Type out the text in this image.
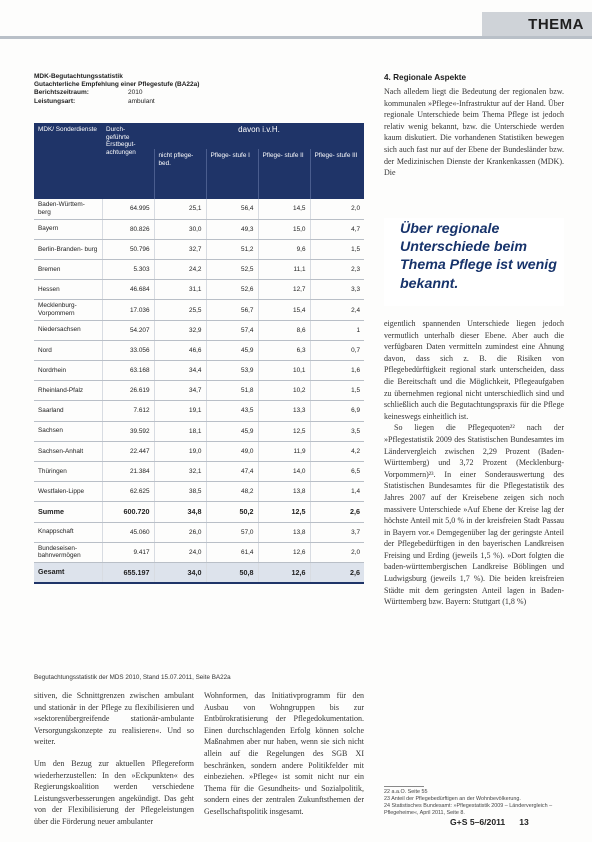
THEMA
MDK-Begutachtungsstatistik
Gutachterliche Empfehlung einer Pflegestufe (BA22a)
Berichtszeitraum:	2010
Leistungsart:	ambulant
MDK/ Sonderdienste	Durch- geführte Erstbegut- achtungen	davon i.v.H.			
		nicht pflege- bed.	Pflege- stufe I	Pflege- stufe II	Pflege- stufe III
Baden-Württem- berg	64.995	25,1	56,4	14,5	2,0
Bayern	80.826	30,0	49,3	15,0	4,7
Berlin-Branden- burg	50.796	32,7	51,2	9,6	1,5
Bremen	5.303	24,2	52,5	11,1	2,3
Hessen	46.684	31,1	52,6	12,7	3,3
Mecklenburg- Vorpommern	17.036	25,5	56,7	15,4	2,4
Niedersachsen	54.207	32,9	57,4	8,6	1
Nord	33.056	46,6	45,9	6,3	0,7
Nordrhein	63.168	34,4	53,9	10,1	1,6
Rheinland-Pfalz	26.619	34,7	51,8	10,2	1,5
Saarland	7.612	19,1	43,5	13,3	6,9
Sachsen	39.592	18,1	45,9	12,5	3,5
Sachsen-Anhalt	22.447	19,0	49,0	11,9	4,2
Thüringen	21.384	32,1	47,4	14,0	6,5
Westfalen-Lippe	62.625	38,5	48,2	13,8	1,4
Summe	600.720	34,8	50,2	12,5	2,6
Knappschaft	45.060	26,0	57,0	13,8	3,7
Bundeseisen- bahnvermögen	9.417	24,0	61,4	12,6	2,0
Gesamt	655.197	34,0	50,8	12,6	2,6
Begutachtungsstatistik der MDS 2010, Stand 15.07.2011, Seite BA22a

sitiven, die Schnittgrenzen zwischen ambulant und stationär in der Pflege zu flexibilisieren und »sektorenübergreifende stationär-ambulante Versorgungskonzepte zu realisieren«. Und so weiter.

Um den Bezug zur aktuellen Pflegereform wiederherzustellen: In den »Eckpunkten« des Regierungskoalition werden verschiedene Leistungsverbesserungen angekündigt. Das geht von der Flexibilisierung der Pflegeleistungen über die Förderung neuer ambulanter

Wohnformen, das Initiativprogramm für den Ausbau von Wohngruppen bis zur Entbürokratisierung der Pflegedokumentation. Einen durchschlagenden Erfolg können solche Maßnahmen aber nur haben, wenn sie sich nicht allein auf die Regelungen des SGB XI beschränken, sondern andere Politikfelder mit einbeziehen. »Pflege« ist somit nicht nur ein Thema für die Gesundheits- und Sozialpolitik, sondern eines der zentralen Zukunftsthemen der Gesellschaftspolitik insgesamt.

4. Regionale Aspekte
Nach alledem liegt die Bedeutung der regionalen bzw. kommunalen »Pflege«-Infrastruktur auf der Hand. Über regionale Unterschiede beim Thema Pflege ist jedoch relativ wenig bekannt, bzw. die Unterschiede werden kaum diskutiert. Die vorhandenen Statistiken bewegen sich auch fast nur auf der Ebene der Bundesländer bzw. der Medizinischen Dienste der Krankenkassen (MDK). Die

Über regionale Unterschiede beim Thema Pflege ist wenig bekannt.

eigentlich spannenden Unterschiede liegen jedoch vermutlich unterhalb dieser Ebene. Aber auch die verfügbaren Daten vermitteln zumindest eine Ahnung davon, dass sich z. B. die Risiken von Pflegebedürftigkeit regional stark unterscheiden, dass die Bereitschaft und die Möglichkeit, Pflegeaufgaben zu übernehmen regional nicht unterschiedlich sind und schließlich auch die Begutachtungspraxis für die Pflege keineswegs einheitlich ist.

So liegen die Pflegequoten²² nach der »Pflegestatistik 2009 des Statistischen Bundesamtes im Ländervergleich zwischen 2,29 Prozent (Baden-Württemberg) und 3,72 Prozent (Mecklenburg-Vorpommern)²³. In einer Sonderauswertung des Statistischen Bundesamtes für die Pflegestatistik des Jahres 2007 auf der Kreisebene zeigen sich noch massivere Unterschiede »Auf Ebene der Kreise lag der höchste Anteil mit 5,0 % in der kreisfreien Stadt Passau in Bayern vor.« Demgegenüber lag der geringste Anteil der Pflegebedürftigen in den bayerischen Landkreisen Freising und Erding (jeweils 1,5 %). »Dort folgten die baden-württembergischen Landkreise Böblingen und Ludwigsburg (jeweils 1,7 %). Die beiden kreisfreien Städte mit dem geringsten Anteil lagen in Baden-Württemberg bzw. Bayern: Stuttgart (1,8 %)

22 a.a.O. Seite 55
23 Anteil der Pflegebedürftigen an der Wohnbevölkerung.
24 Statistisches Bundesamt: »Pflegestatistik 2009 – Ländervergleich – Pflegeheime«, April 2011, Seite 8.
G+S 5–6/2011 13
